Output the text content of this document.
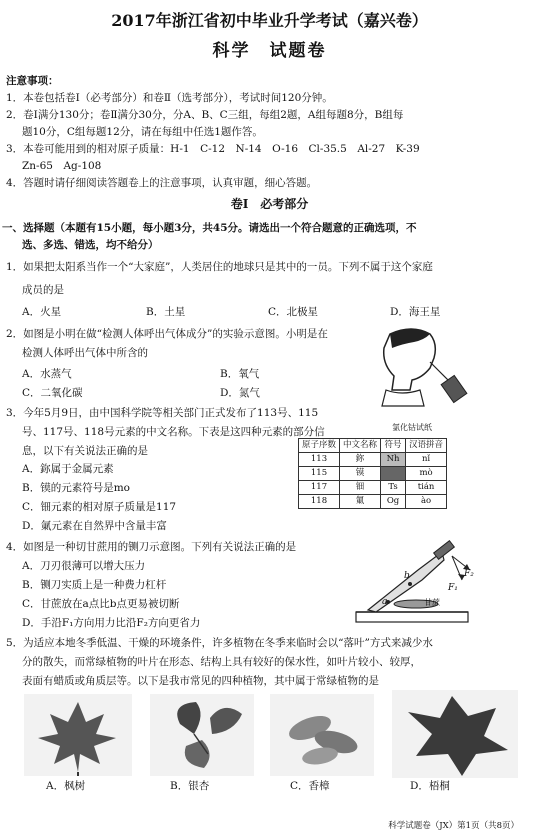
2017年浙江省初中毕业升学考试（嘉兴卷）
科学　试题卷
注意事项：
1．本卷包括卷Ⅰ（必考部分）和卷Ⅱ（选考部分），考试时间120分钟。
2．卷Ⅰ满分130分；卷Ⅱ满分30分，分A、B、C三组，每组2题，A组每题8分，B组每
题10分，C组每题12分，请在每组中任选1题作答。
3．本卷可能用到的相对原子质量：H-1　C-12　N-14　O-16　Cl-35.5　Al-27　K-39
Zn-65　Ag-108
4．答题时请仔细阅读答题卷上的注意事项，认真审题，细心答题。
卷Ⅰ　必考部分
一、选择题（本题有15小题，每小题3分，共45分。请选出一个符合题意的正确选项，不
选、多选、错选，均不给分）
1．如果把太阳系当作一个“大家庭”，人类居住的地球只是其中的一员。下列不属于这个家庭
成员的是
A．火星	B．土星	C．北极星	D．海王星
2．如图是小明在做“检测人体呼出气体成分”的实验示意图。小明是在
检测人体呼出气体中所含的
A．水蒸气	B．氧气
C．二氧化碳	D．氮气
氯化钴试纸
3．今年5月9日，由中国科学院等相关部门正式发布了113号、115
号、117号、118号元素的中文名称。下表是这四种元素的部分信
息，以下有关说法正确的是
A．鉨属于金属元素
B．镆的元素符号是mo
C．钿元素的相对原子质量是117
D．氭元素在自然界中含量丰富
原子序数	中文名称	符号	汉语拼音
113	鉨	Nh	nǐ
115	镆		mò
117	钿	Ts	tián
118	氭	Og	ào
4．如图是一种切甘蔗用的铡刀示意图。下列有关说法正确的是
A．刀刃很薄可以增大压力
B．铡刀实质上是一种费力杠杆
C．甘蔗放在a点比b点更易被切断
D．手沿F₁方向用力比沿F₂方向更省力
a
b
F₁
F₂
甘蔗
5．为适应本地冬季低温、干燥的环境条件，许多植物在冬季来临时会以“落叶”方式来减少水
分的散失，而常绿植物的叶片在形态、结构上具有较好的保水性，如叶片较小、较厚，
表面有蜡质或角质层等。以下是我市常见的四种植物，其中属于常绿植物的是
A．枫树	B．银杏	C．香樟	D．梧桐
科学试题卷（JX）第1页（共8页）
